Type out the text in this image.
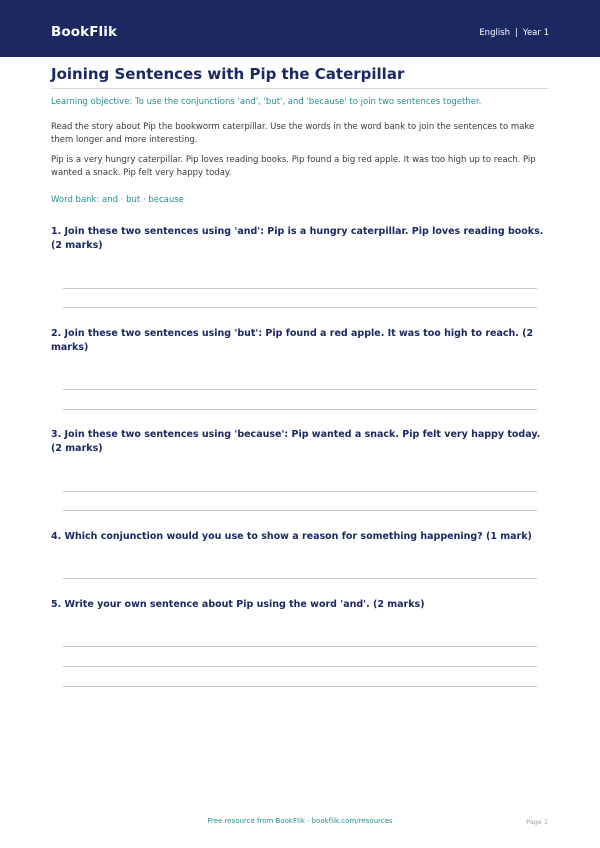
BookFlik	English | Year 1
Joining Sentences with Pip the Caterpillar
Learning objective: To use the conjunctions 'and', 'but', and 'because' to join two sentences together.
Read the story about Pip the bookworm caterpillar. Use the words in the word bank to join the sentences to make them longer and more interesting.
Pip is a very hungry caterpillar. Pip loves reading books. Pip found a big red apple. It was too high up to reach. Pip wanted a snack. Pip felt very happy today.
Word bank: and · but · because
1. Join these two sentences using 'and': Pip is a hungry caterpillar. Pip loves reading books. (2 marks)
2. Join these two sentences using 'but': Pip found a red apple. It was too high to reach. (2 marks)
3. Join these two sentences using 'because': Pip wanted a snack. Pip felt very happy today. (2 marks)
4. Which conjunction would you use to show a reason for something happening? (1 mark)
5. Write your own sentence about Pip using the word 'and'. (2 marks)
Free resource from BookFlik · bookflik.com/resources	Page 1
